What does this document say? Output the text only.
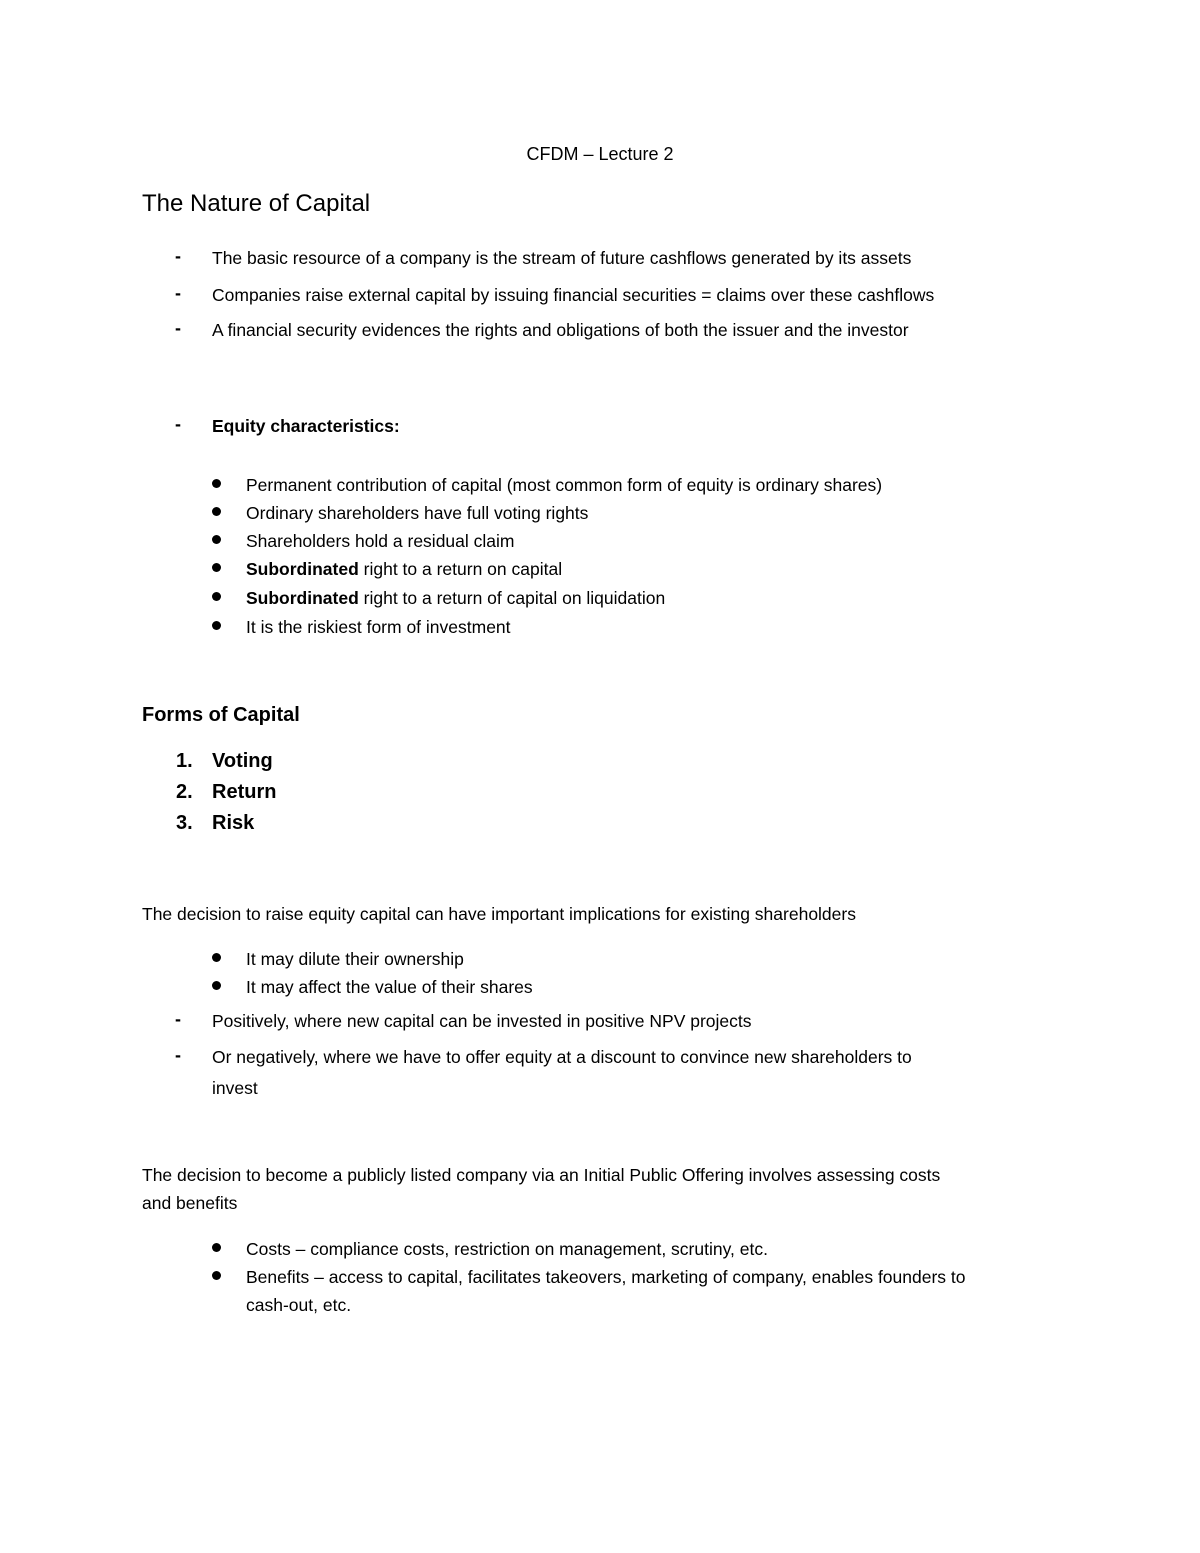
CFDM – Lecture 2
The Nature of Capital
- The basic resource of a company is the stream of future cashflows generated by its assets
- Companies raise external capital by issuing financial securities = claims over these cashflows
- A financial security evidences the rights and obligations of both the issuer and the investor
- Equity characteristics:
Permanent contribution of capital (most common form of equity is ordinary shares)
Ordinary shareholders have full voting rights
Shareholders hold a residual claim
Subordinated right to a return on capital
Subordinated right to a return of capital on liquidation
It is the riskiest form of investment
Forms of Capital
1. Voting
2. Return
3. Risk
The decision to raise equity capital can have important implications for existing shareholders
It may dilute their ownership
It may affect the value of their shares
- Positively, where new capital can be invested in positive NPV projects
- Or negatively, where we have to offer equity at a discount to convince new shareholders to
invest
The decision to become a publicly listed company via an Initial Public Offering involves assessing costs
and benefits
Costs – compliance costs, restriction on management, scrutiny, etc.
Benefits – access to capital, facilitates takeovers, marketing of company, enables founders to
cash-out, etc.
